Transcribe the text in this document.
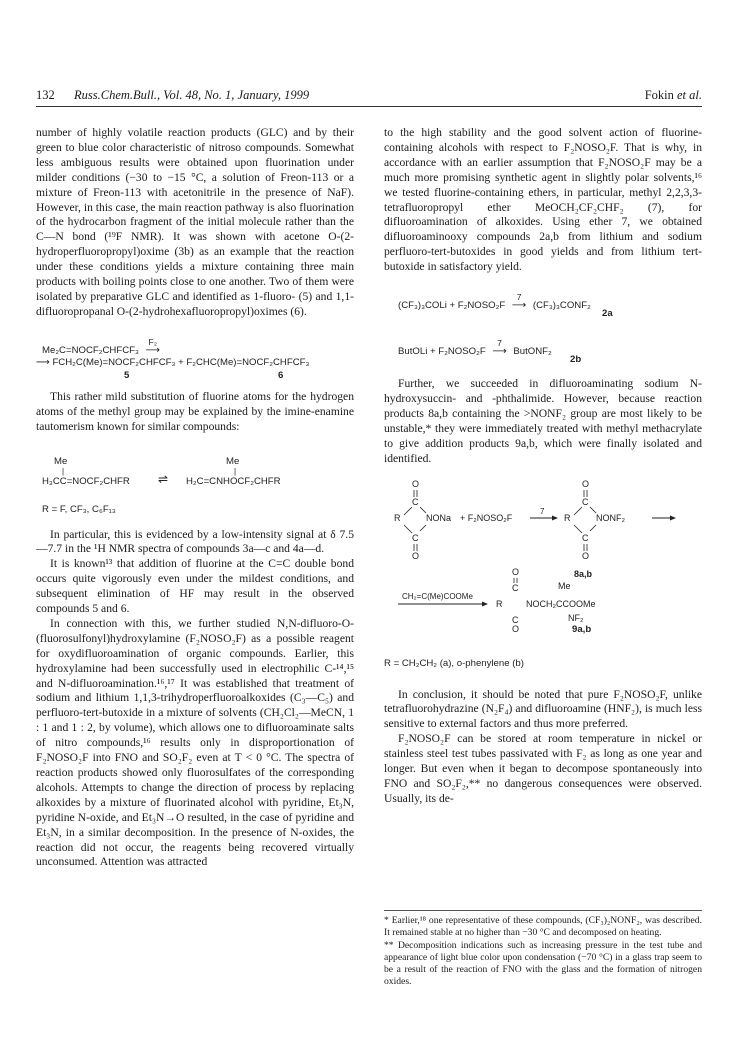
132 Russ.Chem.Bull., Vol. 48, No. 1, January, 1999	Fokin et al.

number of highly volatile reaction products (GLC) and by their green to blue color characteristic of nitroso compounds. Somewhat less ambiguous results were obtained upon fluorination under milder conditions (−30 to −15 °C, a solution of Freon-113 or a mixture of Freon-113 with acetonitrile in the presence of NaF). However, in this case, the main reaction pathway is also fluorination of the hydrocarbon fragment of the initial molecule rather than the C—N bond (¹⁹F NMR). It was shown with acetone O-(2-hydroperfluoropropyl)oxime (3b) as an example that the reaction under these conditions yields a mixture containing three main products with boiling points close to one another. Two of them were isolated by preparative GLC and identified as 1-fluoro- (5) and 1,1-difluoropropanal O-(2-hydrohexafluoropropyl)oximes (6).

Me₂C=NOCF₂CHFCF₃
F₂
⟶
⟶ FCH₂C(Me)=NOCF₂CHFCF₃ + F₂CHC(Me)=NOCF₂CHFCF₃
5	6

This rather mild substitution of fluorine atoms for the hydrogen atoms of the methyl group may be explained by the imine-enamine tautomerism known for similar compounds:

Me
|
H₃CC=NOCF₂CHFR ⇌
Me
|
H₂C=CNHOCF₂CHFR
R = F, CF₃, C₆F₁₃

In particular, this is evidenced by a low-intensity signal at δ 7.5—7.7 in the ¹H NMR spectra of compounds 3a—c and 4a—d.

It is known¹³ that addition of fluorine at the C=C double bond occurs quite vigorously even under the mildest conditions, and subsequent elimination of HF may result in the observed compounds 5 and 6.

In connection with this, we further studied N,N-difluoro-O-(fluorosulfonyl)hydroxylamine (F₂NOSO₂F) as a possible reagent for oxydifluoroamination of organic compounds. Earlier, this hydroxylamine had been successfully used in electrophilic C-¹⁴,¹⁵ and N-difluoroamination.¹⁶,¹⁷ It was established that treatment of sodium and lithium 1,1,3-trihydroperfluoroalkoxides (C₃—C₅) and perfluoro-tert-butoxide in a mixture of solvents (CH₂Cl₂—MeCN, 1 : 1 and 1 : 2, by volume), which allows one to difluoroaminate salts of nitro compounds,¹⁶ results only in disproportionation of F₂NOSO₂F into FNO and SO₂F₂ even at T < 0 °C. The spectra of reaction products showed only fluorosulfates of the corresponding alcohols. Attempts to change the direction of process by replacing alkoxides by a mixture of fluorinated alcohol with pyridine, Et₃N, pyridine N-oxide, and Et₃N→O resulted, in the case of pyridine and Et₃N, in a similar decomposition. In the presence of N-oxides, the reaction did not occur, the reagents being recovered virtually unconsumed. Attention was attracted

to the high stability and the good solvent action of fluorine-containing alcohols with respect to F₂NOSO₂F. That is why, in accordance with an earlier assumption that F₂NOSO₂F may be a much more promising synthetic agent in slightly polar solvents,¹⁶ we tested fluorine-containing ethers, in particular, methyl 2,2,3,3-tetrafluoropropyl ether MeOCH₂CF₂CHF₂ (7), for difluoroamination of alkoxides. Using ether 7, we obtained difluoroaminooxy compounds 2a,b from lithium and sodium perfluoro-tert-butoxides in good yields and from lithium tert-butoxide in satisfactory yield.

(CF₃)₃COLi + F₂NOSO₂F
7
⟶ (CF₃)₃CONF₂
2a
ButOLi + F₂NOSO₂F
7
⟶ ButONF₂
2b

Further, we succeeded in difluoroaminating sodium N-hydroxysuccin- and -phthalimide. However, because reaction products 8a,b containing the >NONF₂ group are most likely to be unstable,* they were immediately treated with methyl methacrylate to give addition products 9a,b, which were finally isolated and identified.

O
C
R	NONa
C
O
+ F₂NOSO₂F
7
O
C
R	NONF₂
C
O
8a,b
CH₂=C(Me)COOMe
O
C	Me
R	NOCH₂CCOOMe
NF₂
C
O	9a,b
R = CH₂CH₂ (a), o-phenylene (b)

In conclusion, it should be noted that pure F₂NOSO₂F, unlike tetrafluorohydrazine (N₂F₄) and difluoroamine (HNF₂), is much less sensitive to external factors and thus more preferred.

F₂NOSO₂F can be stored at room temperature in nickel or stainless steel test tubes passivated with F₂ as long as one year and longer. But even when it began to decompose spontaneously into FNO and SO₂F₂,** no dangerous consequences were observed. Usually, its de-

* Earlier,¹⁸ one representative of these compounds, (CF₃)₂NONF₂, was described. It remained stable at no higher than −30 °C and decomposed on heating.

** Decomposition indications such as increasing pressure in the test tube and appearance of light blue color upon condensation (−70 °C) in a glass trap seem to be a result of the reaction of FNO with the glass and the formation of nitrogen oxides.
